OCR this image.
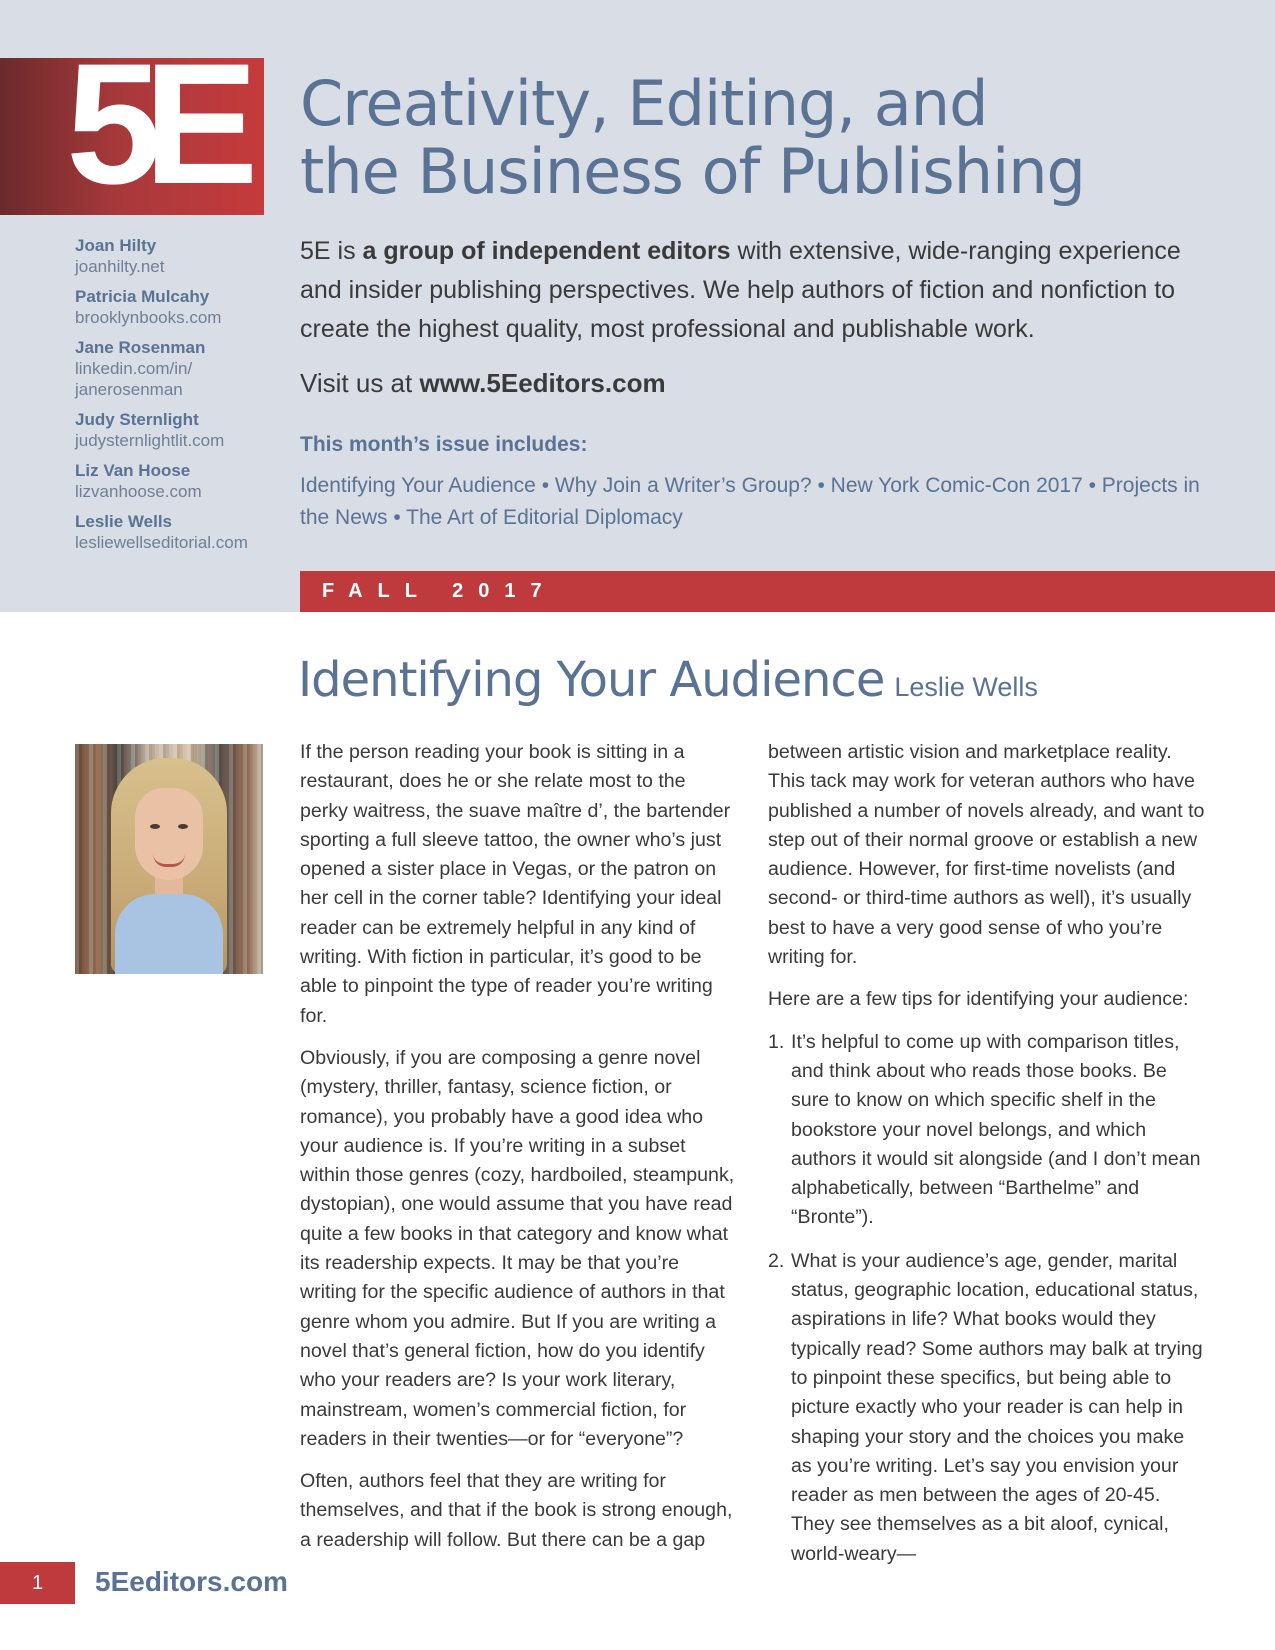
5E Creativity, Editing, and
the Business of Publishing
Joan Hilty
joanhilty.net
Patricia Mulcahy
brooklynbooks.com
Jane Rosenman
linkedin.com/in/
janerosenman
Judy Sternlight
judysternlightlit.com
Liz Van Hoose
lizvanhoose.com
Leslie Wells
lesliewellseditorial.com
5E is a group of independent editors with extensive, wide-ranging experience and insider publishing perspectives. We help authors of fiction and nonfiction to create the highest quality, most professional and publishable work.
Visit us at www.5Eeditors.com
This month’s issue includes:
Identifying Your Audience • Why Join a Writer’s Group? • New York Comic-Con 2017 • Projects in the News • The Art of Editorial Diplomacy
FALL 2017
Identifying Your Audience Leslie Wells

If the person reading your book is sitting in a restaurant, does he or she relate most to the perky waitress, the suave maître d’, the bartender sporting a full sleeve tattoo, the owner who’s just opened a sister place in Vegas, or the patron on her cell in the corner table? Identifying your ideal reader can be extremely helpful in any kind of writing. With fiction in particular, it’s good to be able to pinpoint the type of reader you’re writing for.

Obviously, if you are composing a genre novel (mystery, thriller, fantasy, science fiction, or romance), you probably have a good idea who your audience is. If you’re writing in a subset within those genres (cozy, hardboiled, steampunk, dystopian), one would assume that you have read quite a few books in that category and know what its readership expects. It may be that you’re writing for the specific audience of authors in that genre whom you admire. But If you are writing a novel that’s general fiction, how do you identify who your readers are? Is your work literary, mainstream, women’s commercial fiction, for readers in their twenties—or for “everyone”?

Often, authors feel that they are writing for themselves, and that if the book is strong enough, a readership will follow. But there can be a gap

between artistic vision and marketplace reality. This tack may work for veteran authors who have published a number of novels already, and want to step out of their normal groove or establish a new audience. However, for first-time novelists (and second- or third-time authors as well), it’s usually best to have a very good sense of who you’re writing for.

Here are a few tips for identifying your audience:

1. It’s helpful to come up with comparison titles, and think about who reads those books. Be sure to know on which specific shelf in the bookstore your novel belongs, and which authors it would sit alongside (and I don’t mean alphabetically, between “Barthelme” and “Bronte”).
2. What is your audience’s age, gender, marital status, geographic location, educational status, aspirations in life? What books would they typically read? Some authors may balk at trying to pinpoint these specifics, but being able to picture exactly who your reader is can help in shaping your story and the choices you make as you’re writing. Let’s say you envision your reader as men between the ages of 20-45. They see themselves as a bit aloof, cynical, world-weary—
1	5Eeditors.com
